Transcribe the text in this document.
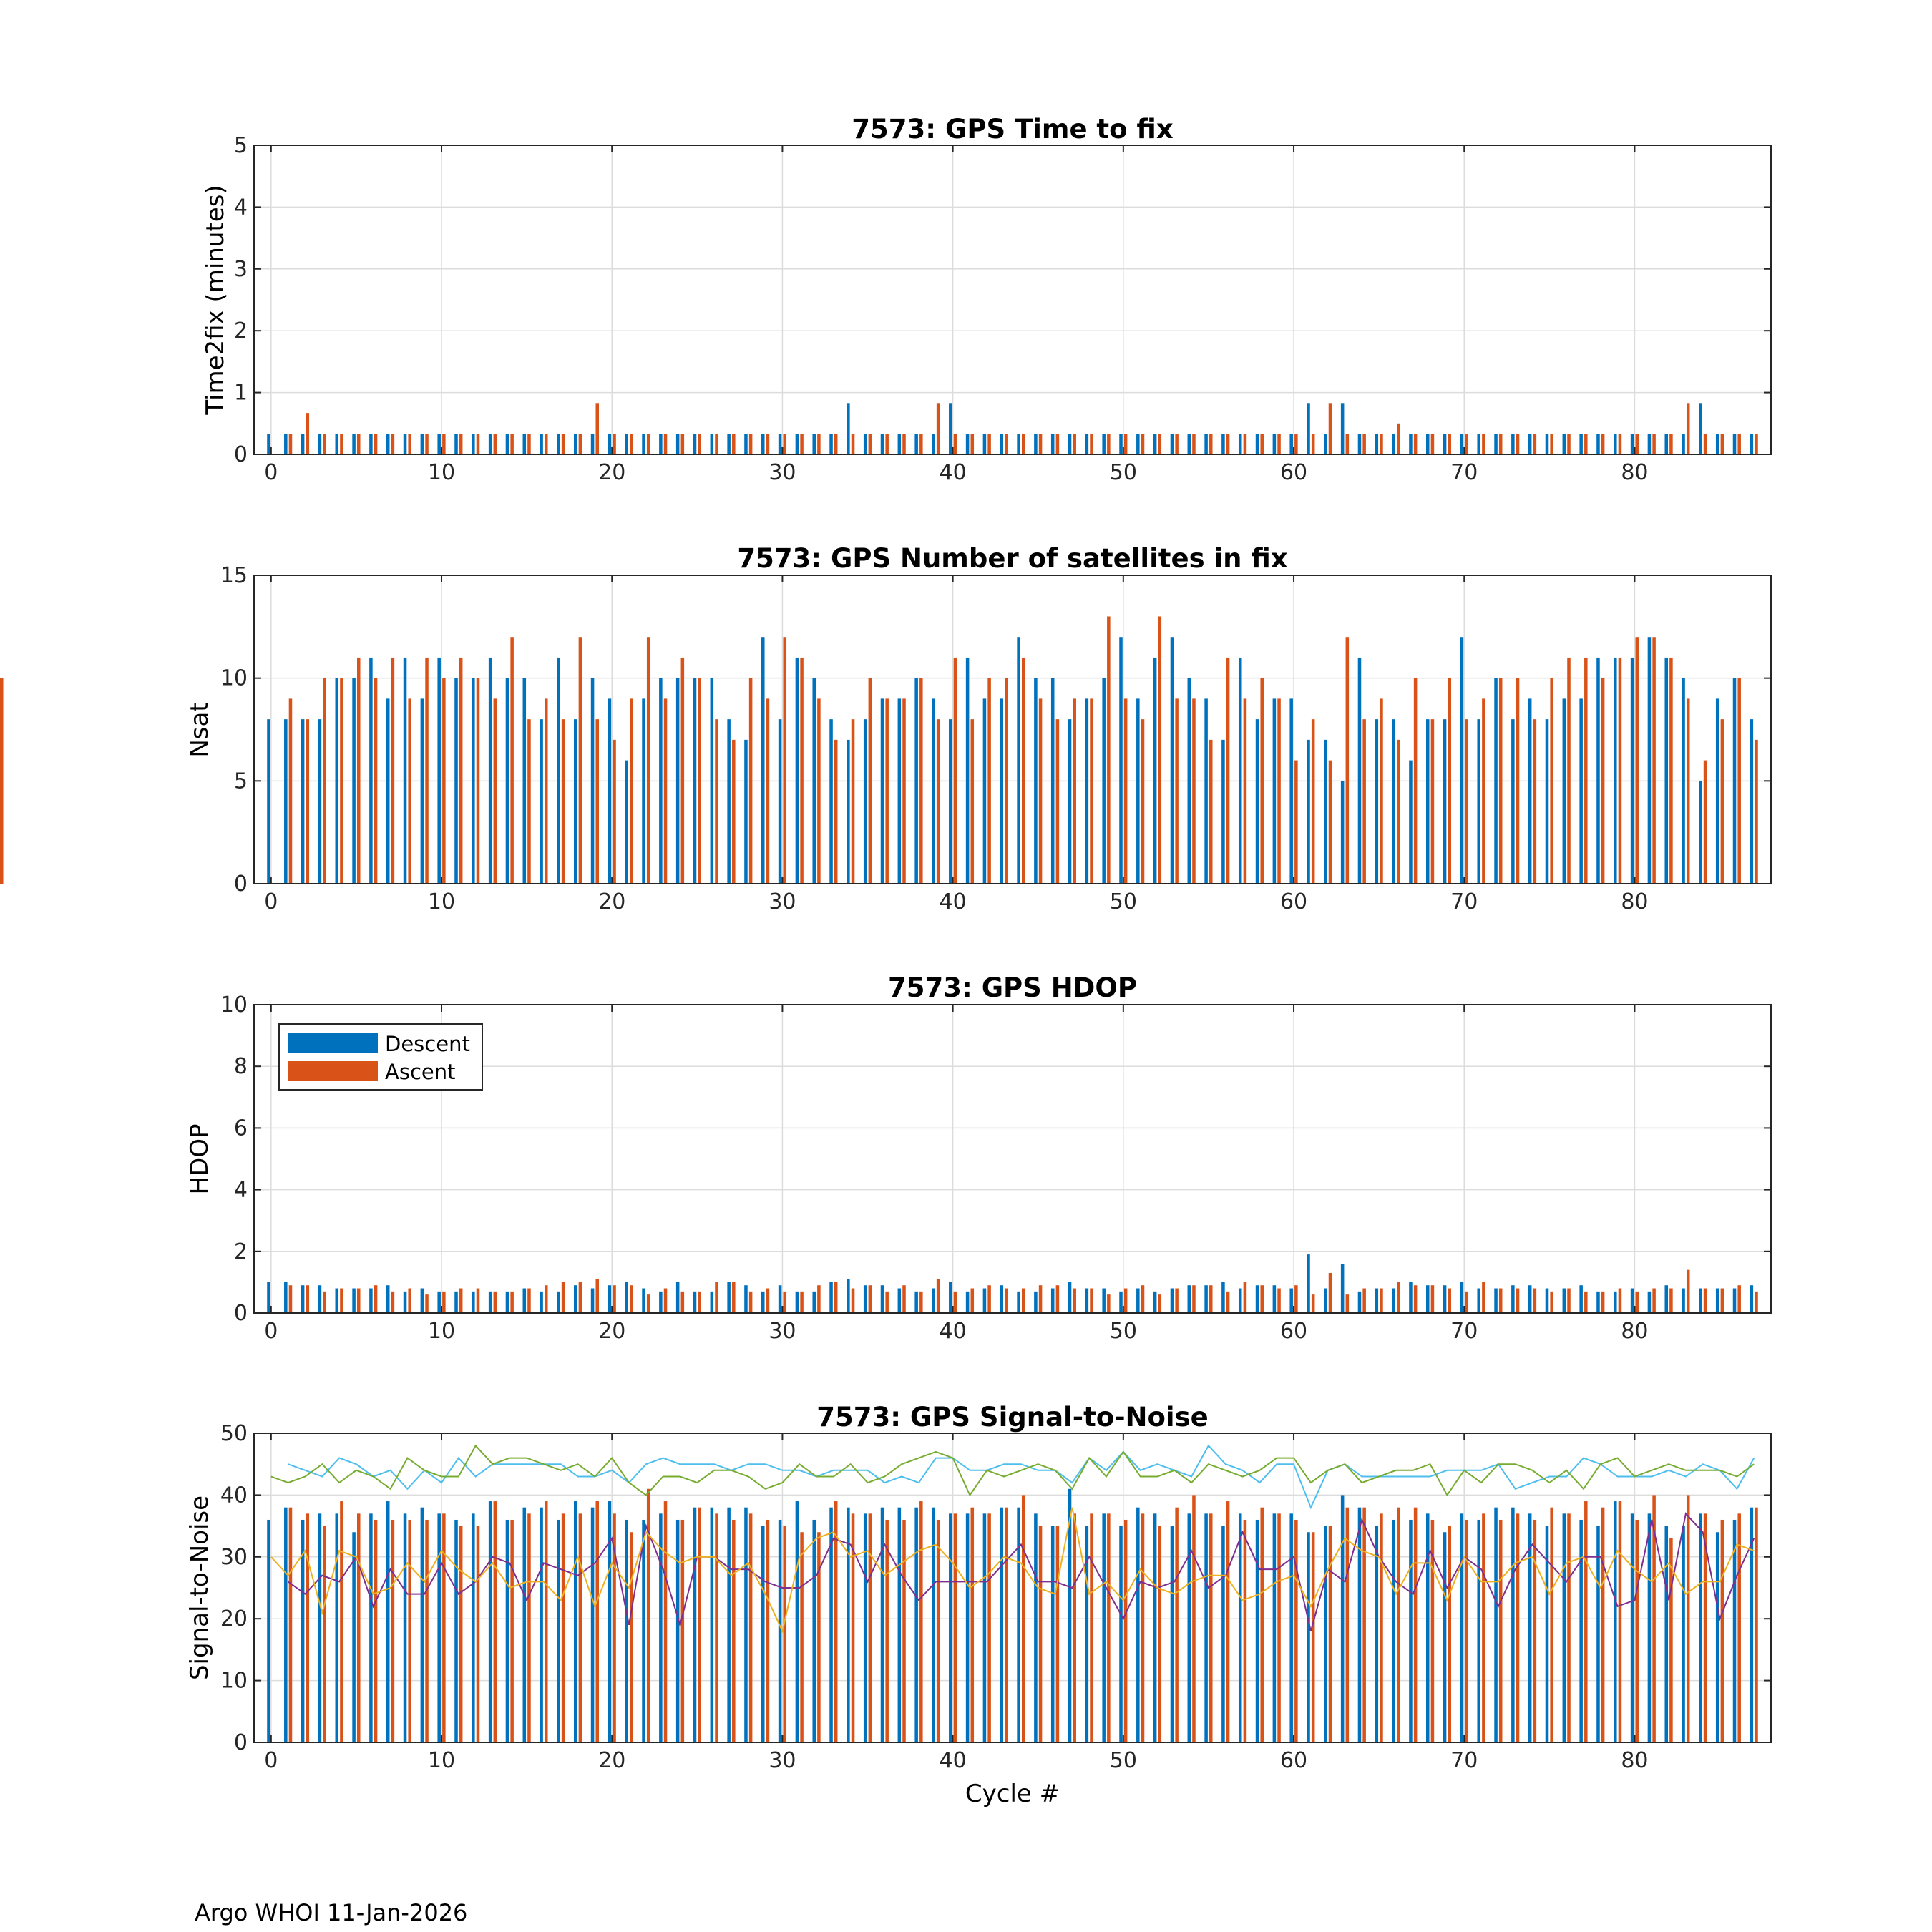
0	10	20	30	40	50	60	70	80
0
1
2
3
4
5
7573: GPS Time to fix
Time2fix (minutes)
0	10	20	30	40	50	60	70	80
0
5
10
15
7573: GPS Number of satellites in fix
Nsat
0	10	20	30	40	50	60	70	80
0
2
4
6
8
10
7573: GPS HDOP
HDOP
Descent
Ascent
0	10	20	30	40	50	60	70	80
0
10
20
30
40
50
7573: GPS Signal-to-Noise
Signal-to-Noise
Cycle #
Argo WHOI 11-Jan-2026
